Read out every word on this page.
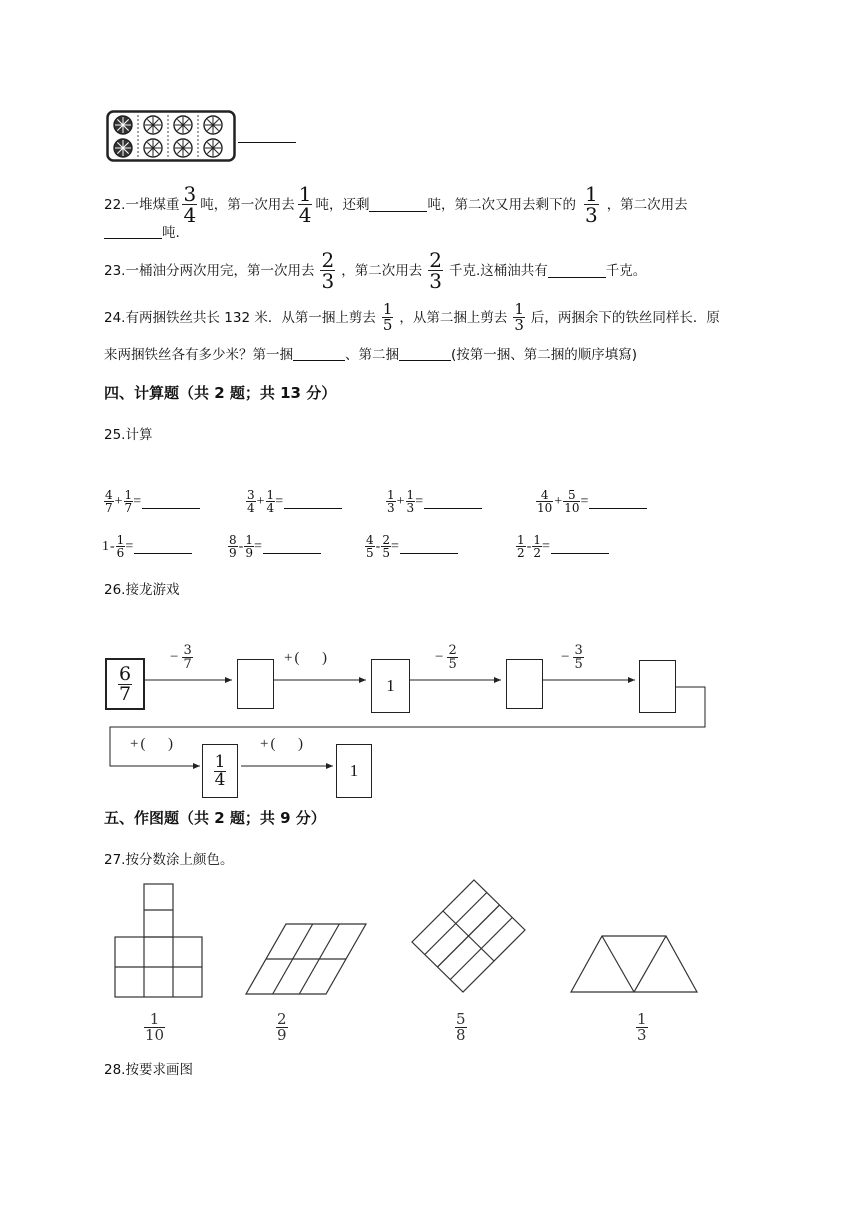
22.一堆煤重 $\frac{3}{4}$ 吨，第一次用去 $\frac{1}{4}$ 吨，还剩	吨，第二次又用去剩下的 $\frac{1}{3}$ ，第二次用去
吨.
23.一桶油分两次用完，第一次用去 $\frac{2}{3}$ ，第二次用去 $\frac{2}{3}$ 千克.这桶油共有	千克。
24.有两捆铁丝共长 132 米．从第一捆上剪去 $\frac{1}{5}$ ，从第二捆上剪去 $\frac{1}{3}$ 后，两捆余下的铁丝同样长．原
来两捆铁丝各有多少米？第一捆	、第二捆	(按第一捆、第二捆的顺序填寫)
四、计算题（共 2 题；共 13 分）
25.计算
$\frac{4}{7} + \frac{1}{7}$ =	$\frac{3}{4} + \frac{1}{4}$ =	$\frac{1}{3} + \frac{1}{3}$ =	$\frac{4}{10} + \frac{5}{10}$ =
$1 - \frac{1}{6}$ =	$\frac{8}{9} - \frac{1}{9}$ =	$\frac{4}{5} - \frac{2}{5}$ =	$\frac{1}{2} - \frac{1}{2}$ =
26.接龙游戏
$\frac{6}{7}$	1
$\frac{1}{4}$	1
− $\frac{3}{7}$	+ (      )	− $\frac{2}{5}$	− $\frac{3}{5}$
+ (      )	+ (      )
五、作图题（共 2 题；共 9 分）
27.按分数涂上颜色。
$\frac{1}{10}$	$\frac{2}{9}$	$\frac{5}{8}$	$\frac{1}{3}$
28.按要求画图
